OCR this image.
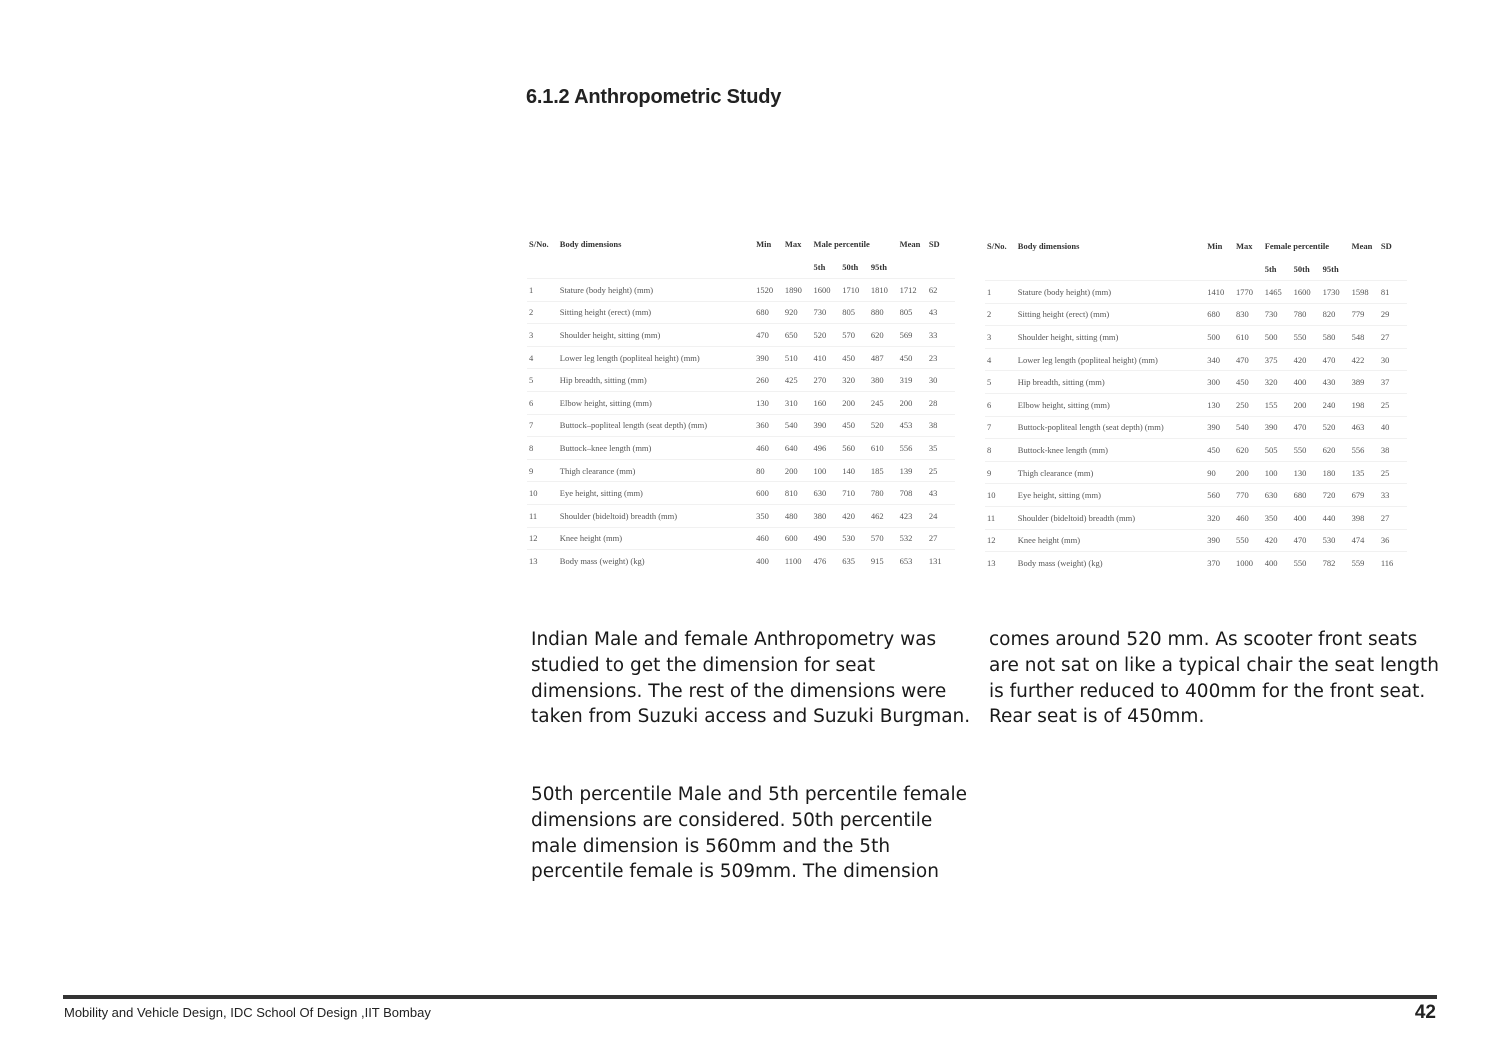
6.1.2 Anthropometric Study
S/No.	Body dimensions	Min	Max	Male percentile			Mean	SD
				5th	50th	95th		
1	Stature (body height) (mm)	1520	1890	1600	1710	1810	1712	62
2	Sitting height (erect) (mm)	680	920	730	805	880	805	43
3	Shoulder height, sitting (mm)	470	650	520	570	620	569	33
4	Lower leg length (popliteal height) (mm)	390	510	410	450	487	450	23
5	Hip breadth, sitting (mm)	260	425	270	320	380	319	30
6	Elbow height, sitting (mm)	130	310	160	200	245	200	28
7	Buttock–popliteal length (seat depth) (mm)	360	540	390	450	520	453	38
8	Buttock–knee length (mm)	460	640	496	560	610	556	35
9	Thigh clearance (mm)	80	200	100	140	185	139	25
10	Eye height, sitting (mm)	600	810	630	710	780	708	43
11	Shoulder (bideltoid) breadth (mm)	350	480	380	420	462	423	24
12	Knee height (mm)	460	600	490	530	570	532	27
13	Body mass (weight) (kg)	400	1100	476	635	915	653	131
S/No.	Body dimensions	Min	Max	Female percentile			Mean	SD
				5th	50th	95th		
1	Stature (body height) (mm)	1410	1770	1465	1600	1730	1598	81
2	Sitting height (erect) (mm)	680	830	730	780	820	779	29
3	Shoulder height, sitting (mm)	500	610	500	550	580	548	27
4	Lower leg length (popliteal height) (mm)	340	470	375	420	470	422	30
5	Hip breadth, sitting (mm)	300	450	320	400	430	389	37
6	Elbow height, sitting (mm)	130	250	155	200	240	198	25
7	Buttock-popliteal length (seat depth) (mm)	390	540	390	470	520	463	40
8	Buttock-knee length (mm)	450	620	505	550	620	556	38
9	Thigh clearance (mm)	90	200	100	130	180	135	25
10	Eye height, sitting (mm)	560	770	630	680	720	679	33
11	Shoulder (bideltoid) breadth (mm)	320	460	350	400	440	398	27
12	Knee height (mm)	390	550	420	470	530	474	36
13	Body mass (weight) (kg)	370	1000	400	550	782	559	116

Indian Male and female Anthropometry was studied to get the dimension for seat dimensions. The rest of the dimensions were taken from Suzuki access and Suzuki Burgman.

50th percentile Male and 5th percentile female dimensions are considered. 50th percentile male dimension is 560mm and the 5th percentile female is 509mm. The dimension

comes around 520 mm. As scooter front seats are not sat on like a typical chair the seat length is further reduced to 400mm for the front seat. Rear seat is of 450mm.

Mobility and Vehicle Design, IDC School Of Design ,IIT Bombay	42
